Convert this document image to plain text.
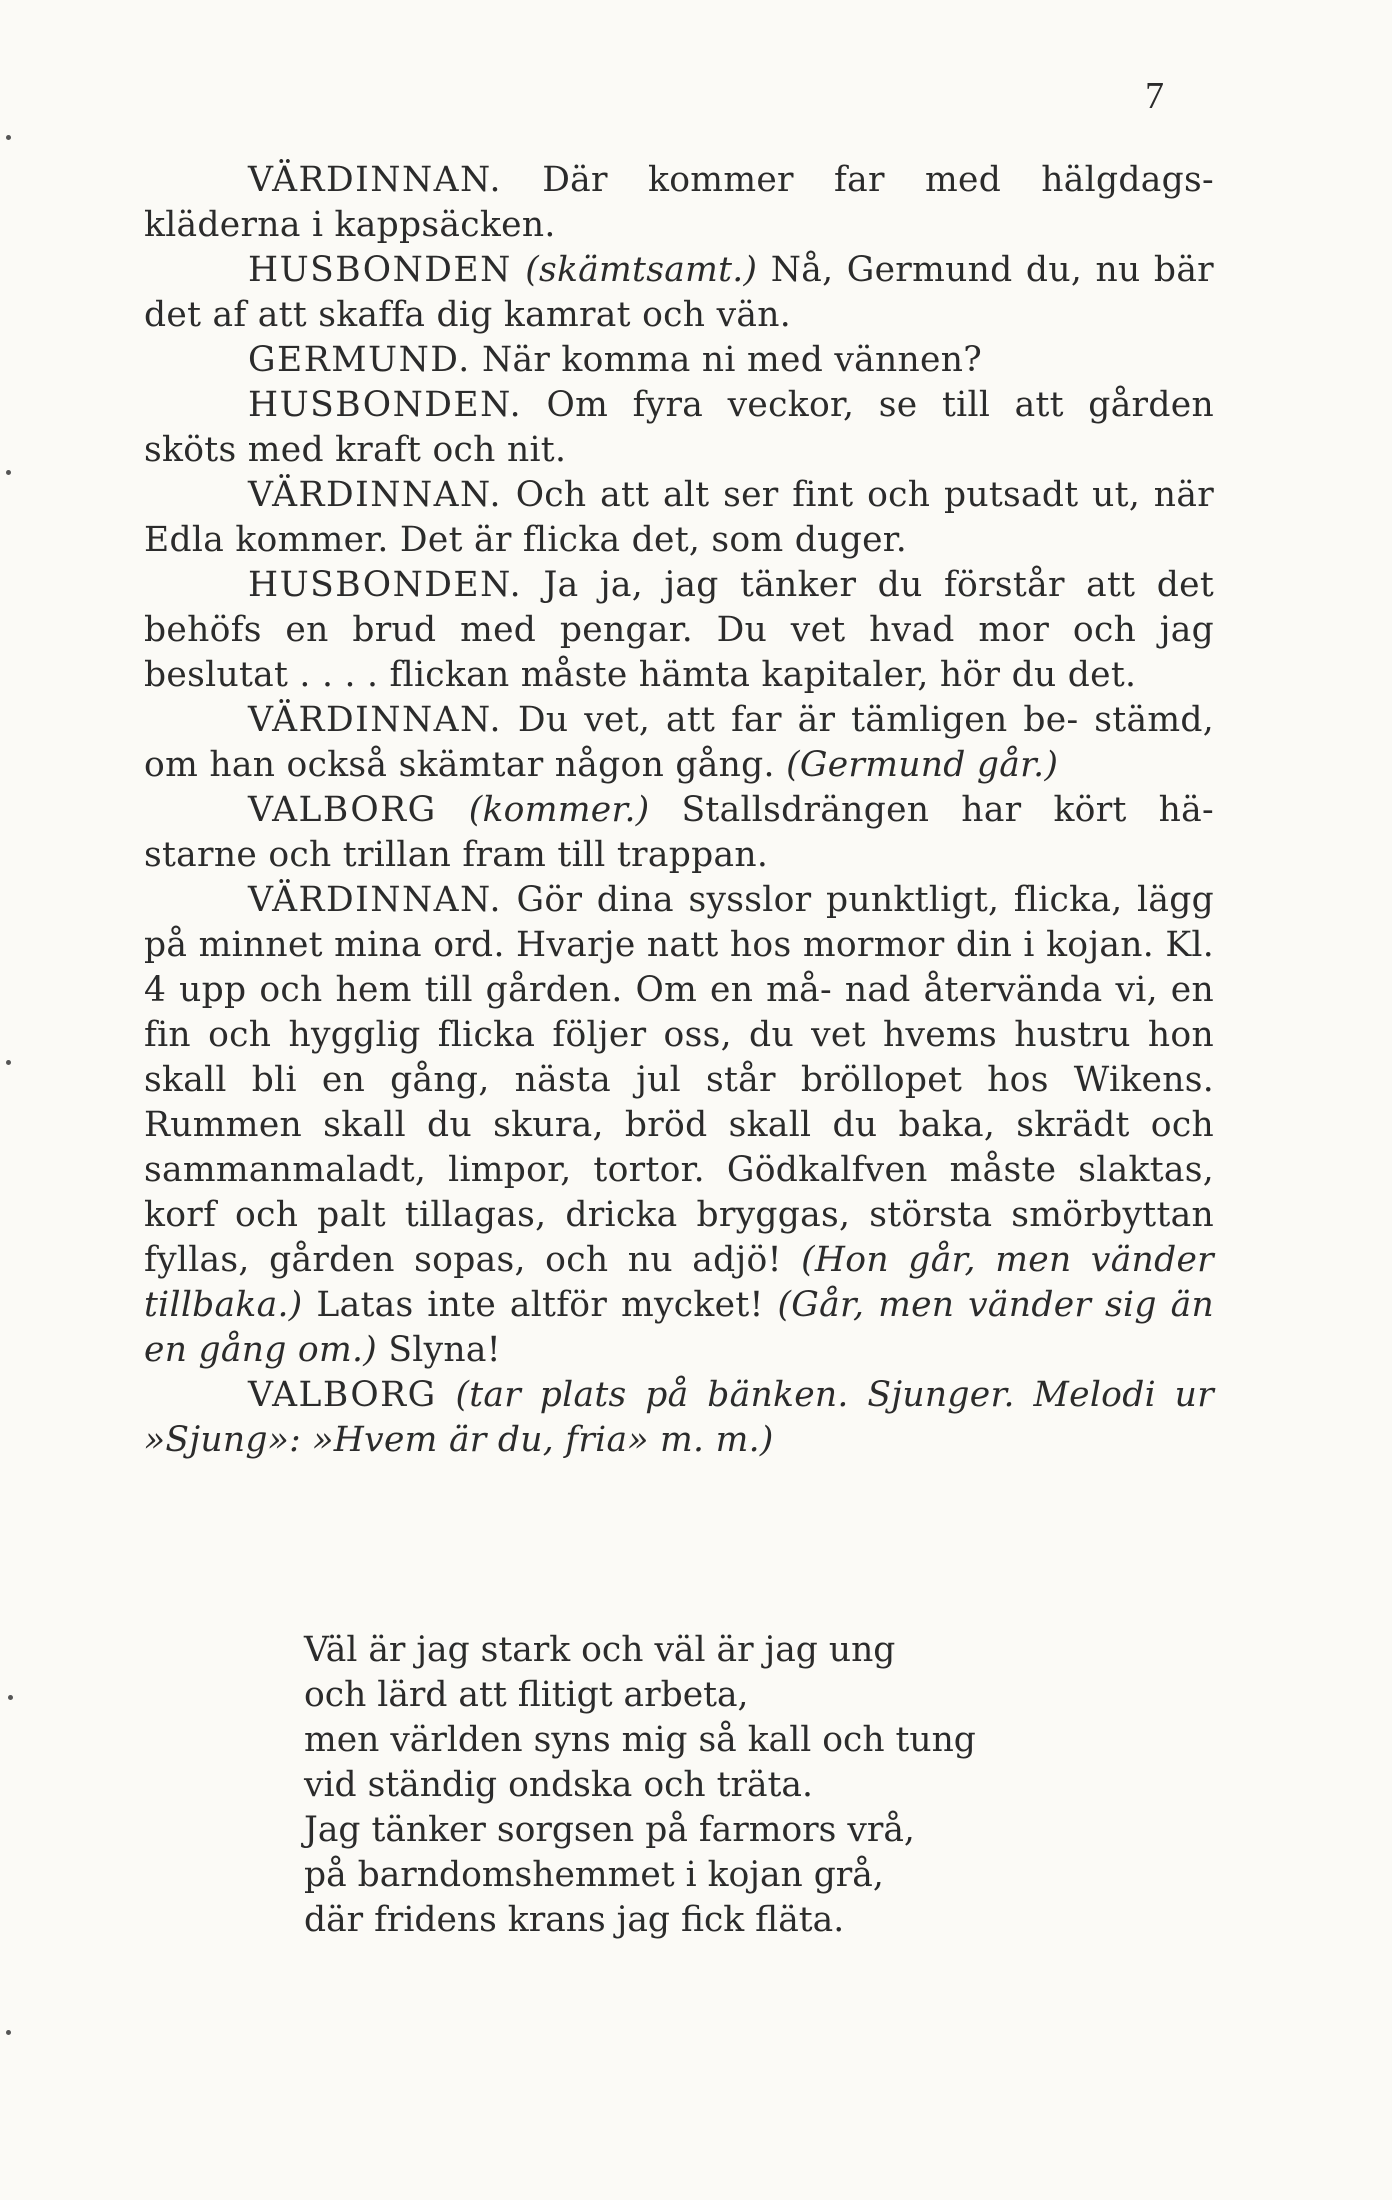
7

VÄRDINNAN. Där kommer far med hälgdags- kläderna i kappsäcken.

HUSBONDEN (skämtsamt.) Nå, Germund du, nu bär det af att skaffa dig kamrat och vän.

GERMUND. När komma ni med vännen?

HUSBONDEN. Om fyra veckor, se till att gården sköts med kraft och nit.

VÄRDINNAN. Och att alt ser fint och putsadt ut, när Edla kommer. Det är flicka det, som duger.

HUSBONDEN. Ja ja, jag tänker du förstår att det behöfs en brud med pengar. Du vet hvad mor och jag beslutat . . . . flickan måste hämta kapitaler, hör du det.

VÄRDINNAN. Du vet, att far är tämligen be- stämd, om han också skämtar någon gång. (Germund går.)

VALBORG (kommer.) Stallsdrängen har kört hä- starne och trillan fram till trappan.

VÄRDINNAN. Gör dina sysslor punktligt, flicka, lägg på minnet mina ord. Hvarje natt hos mormor din i kojan. Kl. 4 upp och hem till gården. Om en må- nad återvända vi, en fin och hygglig flicka följer oss, du vet hvems hustru hon skall bli en gång, nästa jul står bröllopet hos Wikens. Rummen skall du skura, bröd skall du baka, skrädt och sammanmaladt, limpor, tortor. Gödkalfven måste slaktas, korf och palt tillagas, dricka bryggas, största smörbyttan fyllas, gården sopas, och nu adjö! (Hon går, men vänder tillbaka.) Latas inte altför mycket! (Går, men vänder sig än en gång om.) Slyna!

VALBORG (tar plats på bänken. Sjunger. Melodi ur »Sjung»: »Hvem är du, fria» m. m.)

Väl är jag stark och väl är jag ung
och lärd att flitigt arbeta,
men världen syns mig så kall och tung
vid ständig ondska och träta.
Jag tänker sorgsen på farmors vrå,
på barndomshemmet i kojan grå,
där fridens krans jag fick fläta.
